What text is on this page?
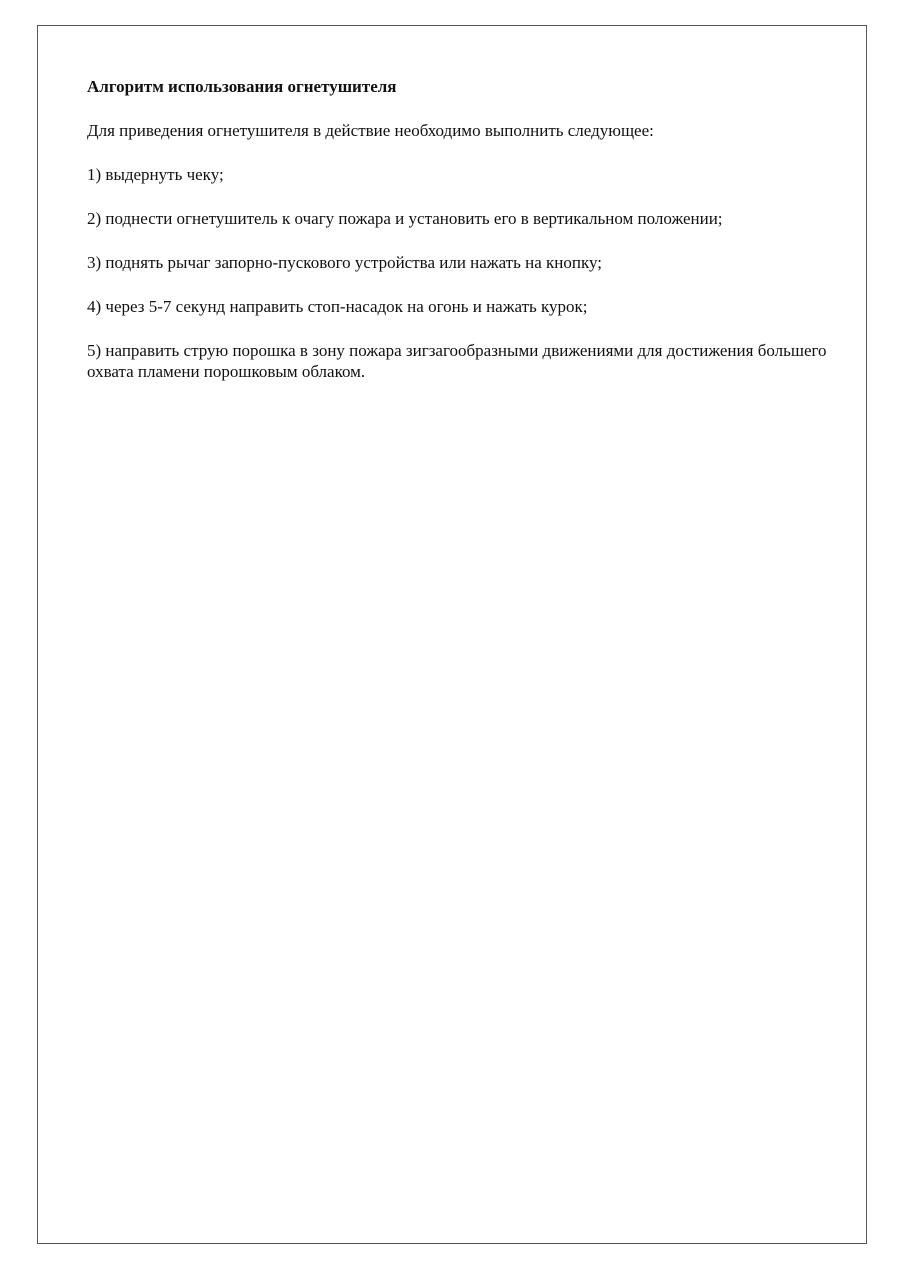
Алгоритм использования огнетушителя

Для приведения огнетушителя в действие необходимо выполнить следующее:

1) выдернуть чеку;
2) поднести огнетушитель к очагу пожара и установить его в вертикальном положении;
3) поднять рычаг запорно-пускового устройства или нажать на кнопку;
4) через 5-7 секунд направить стоп-насадок на огонь и нажать курок;
5) направить струю порошка в зону пожара зигзагообразными движениями для достижения большего охвата пламени порошковым облаком.
